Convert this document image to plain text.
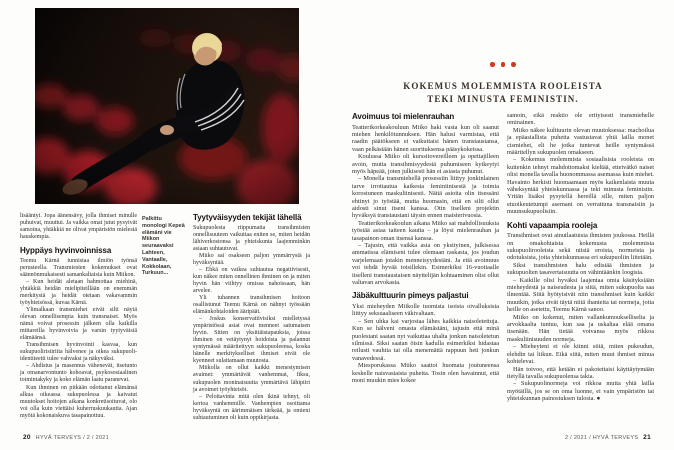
lisääntyi. Jopa äänensävy, jolla ihmiset minulle puhuivat, muuttui. Ja vaikka omat jutut pysyivät samoina, yhtäkkiä ne olivat ympäristön mielestä hauskempia.

Hyppäys hyvinvoinnissa

Teemu Kärnä tunnistaa ilmiön työnsä perusteella. Transmiesten kokemukset ovat säännönmukaisesti samankaltaisia kuin Miikon.

– Kun heidät aletaan hahmottaa miehinä, yhtäkkiä heidän mielipiteillään on enemmän merkitystä ja heidät otetaan vakavammin työyhteisössä, kuvaa Kärnä.

Ylimalkaan transmiehet eivät silti näytä olevan onnellisempia kuin transnaiset. Myös nämä voivat prosessin jälkeen olla kaikilla mittareilla hyvinvoivia ja varsin tyytyväisiä elämäänsä.

Transihmisen hyvinvointi kasvaa, kun sukupuoliristiriita hälvenee ja oikea sukupuoli-identiteetti tulee vahvaksi ja näkyväksi.

– Ahdistus ja masennus vähenevät, itsetunto ja omanarvontunto kohoavat, psykososiaalinen toimintakyky ja koko elämän laatu paranevat.

Kun ihminen on pitkään odottanut elämänsä alkua oikeassa sukupuolessa ja kaivatut muutokset hoitojen aikana konkretisoituvat, olo voi olla kuin viettäisi kuherruskuukautta. Ajan myötä kokonaiskuva tasapainottuu.

Palkittu monologi Kepeä elämäni vie Miikon seuraavaksi Lahteen, Vantaalle, Kokkolaan, Turkuun...
Tyytyväisyyden tekijät lähellä

Sukupuolesta riippumatta transihmisten onnellisuuteen vaikuttaa eniten se, miten heidän lähiverkostonsa ja yhteiskunta laajemminkin asiaan suhtautuvat.

Miiko sai osakseen paljon ymmärrystä ja hyväksyntää.

– Ehkä on vaikea suhtautua negatiivisesti, kun näkee miten onnellinen ihminen on ja miten hyvin hän viihtyy omissa nahoissaan, hän arvelee.

Yli tuhannen transihmisen hoitoon osallistunut Teemu Kärnä on nähnyt työssään elämänkohtaloiden ääripäät.

– Joskus konservatiivisiksi mielletyssä ympäristössä asiat ovat menneet satumaisen hyvin. Sitten on yksittäistapauksia, joissa ihminen on vetäytynyt hoidoista ja palannut syntymässä määritettyyn sukupuoleensa, koska hänelle merkitykselliset ihmiset eivät ole kyenneet sulattamaan muutosta.

Miikolla on ollut kaikki menestymisen avaimet: ymmärtävät vanhemmat, fiksu, sukupuolen moninaisuutta ymmärtävä lähipiiri ja avoimet työyhteisöt.

– Pelottavinta mitä olen ikinä tehnyt, oli kertoa vanhemmille. Vanhempien osoittama hyväksyntä on äärimmäisen tärkeää, ja omieni suhtautuminen oli kuin oppikirjasta.

20 HYVÄ TERVEYS / 2 / 2021
KOKEMUS MOLEMMISTA ROOLEISTA
TEKI MINUSTA FEMINISTIN.
Avoimuus toi mielenrauhan

Teatterikorkeakouluun Miiko haki vasta kun oli saanut miehen henkilötunnuksen. Hän halusi varmistaa, että raadin päätökseen ei vaikuttaisi hänen transtaustansa, vaan pelkästään hänen suorituksensa pääsykokeissa.

Koulussa Miiko oli kurssitovereilleen ja opettajilleen avoin, mutta transihmisyydestä puhumiseen kytkeytyi myös häpeää, joten julkisesti hän ei asiasta puhunut.

– Monella transmiehellä prosessiin liittyy jonkinlainen tarve irrottautua kaikesta feminiinisestä ja toimia korostuneen maskuliinisesti. Näitä asioita olin itsessäni ehtinyt jo työstää, mutta huomasin, että en silti ollut aidosti sinut itseni kanssa. Otin itselleni projektin hyväksyä transtaustani täysin ennen maisterivuosia.

Teatterikorkeakoulun aikana Miiko sai mahdollisuuksia työstää asiaa taiteen kautta – ja löysi mielenrauhan ja tasapainon oman itsensä kanssa.

– Tajusin, että vaikka asia on yksityinen, julkisessa ammatissa elämiseni tulee olemaan raskasta, jos joudun varjelemaan jotakin menneisyydestäni. Ja että avoimuus voi tehdä hyvää toisillekin. Esimerkiksi 16-vuotiaalle itselleni transtaustaisen näyttelijän kohtaaminen olisi ollut valtavan arvokasta.

Jäbäkulttuurin pimeys paljastui

Yksi mieheyden Miikolle tuomista isoista oivalluksista liittyy seksuaaliseen väkivaltaan.

– Sen uhka kai varjostaa lähes kaikkia naisoletettuja. Kun se hälveni omasta elämästäni, tajusin että minä puolestani saatan nyt vaikuttaa uhalta jonkun naisoletetun silmissä. Siksi saatan öisin kadulla esimerkiksi hidastaa reilusti vauhtia tai olla menemättä rappuun heti jonkun vanavedessä.

Miesporukassa Miiko saattoi huomata joutuneensa keskelle naisvastaista puhetta. Tosin olen havainnut, että moni muukin mies kokee

samoin, eikä reaktio ole erityisesti transmiehelle ominainen.

Miiko näkee kulttuurin olevan muutoksessa: machoilua ja epäasiallista puhetta vastustavat yhtä lailla monet cismiehet, eli he jotka tuntevat heille syntymässä määritellyn sukupuolen omakseen.

– Kokemus molemmista sosiaalisista rooleista on kuitenkin tehnyt mahdottomaksi kieltää, etteivätkö naiset olisi monella tavalla huonommassa asemassa kuin miehet. Havainto herkisti huomaamaan myös kaikenlaista muuta väheksyntää yhteiskunnassa ja teki minusta feministin. Yritän lisäksi pysytellä hereillä sille, miten paljon etuoikeutetumpi asemani on verrattuna transnaisiin ja muunsukupuolisiin.

Kohti vapaampia rooleja

Transihmiset ovat ainutlaatuisia ihmisten joukossa. Heillä on omakohtaista kokemusta molemmista sukupuolirooleista sekä niistä eroista, normeista ja odotuksista, joita yhteiskunnassa eri sukupuoliin liitetään.

Siksi transihmisten halu edistää ihmisten ja sukupuolten tasavertaisuutta on vähintäänkin loogista.

– Kaikille olisi hyväksi laajentaa omia käsityksiään mieheydestä ja naiseudesta ja siitä, miten sukupuolta saa ilmentää. Siitä hyötyisivät niin transihmiset kuin kaikki muutkin, jotka eivät täytä niitä ihanteita tai normeja, joita heille on asetettu, Teemu Kärnä sanoo.

Miiko on kokenut, miten vallankumoukselliselta ja arvokkaalta tuntuu, kun saa ja uskaltaa elää omana itsenään. Hän tietää voivansa myös rikkoa maskuliinisuuden normeja.

– Mieheyteni ei ole kiinni siitä, miten pukeudun, elehdin tai liikun. Eikä siitä, miten muut ihmiset minua kohtelevat.

Hän toivoo, että ketään ei pakotettaisi käyttäytymään tietyllä tavalla sukupuolensa takia.

– Sukupuolinormeja voi rikkoa mutta yhtä lailla myötäillä, jos se on oma luonne, ei vain ympäristön tai yhteiskunnan painostuksen tulosta. ●

2 / 2021 / HYVÄ TERVEYS 21
